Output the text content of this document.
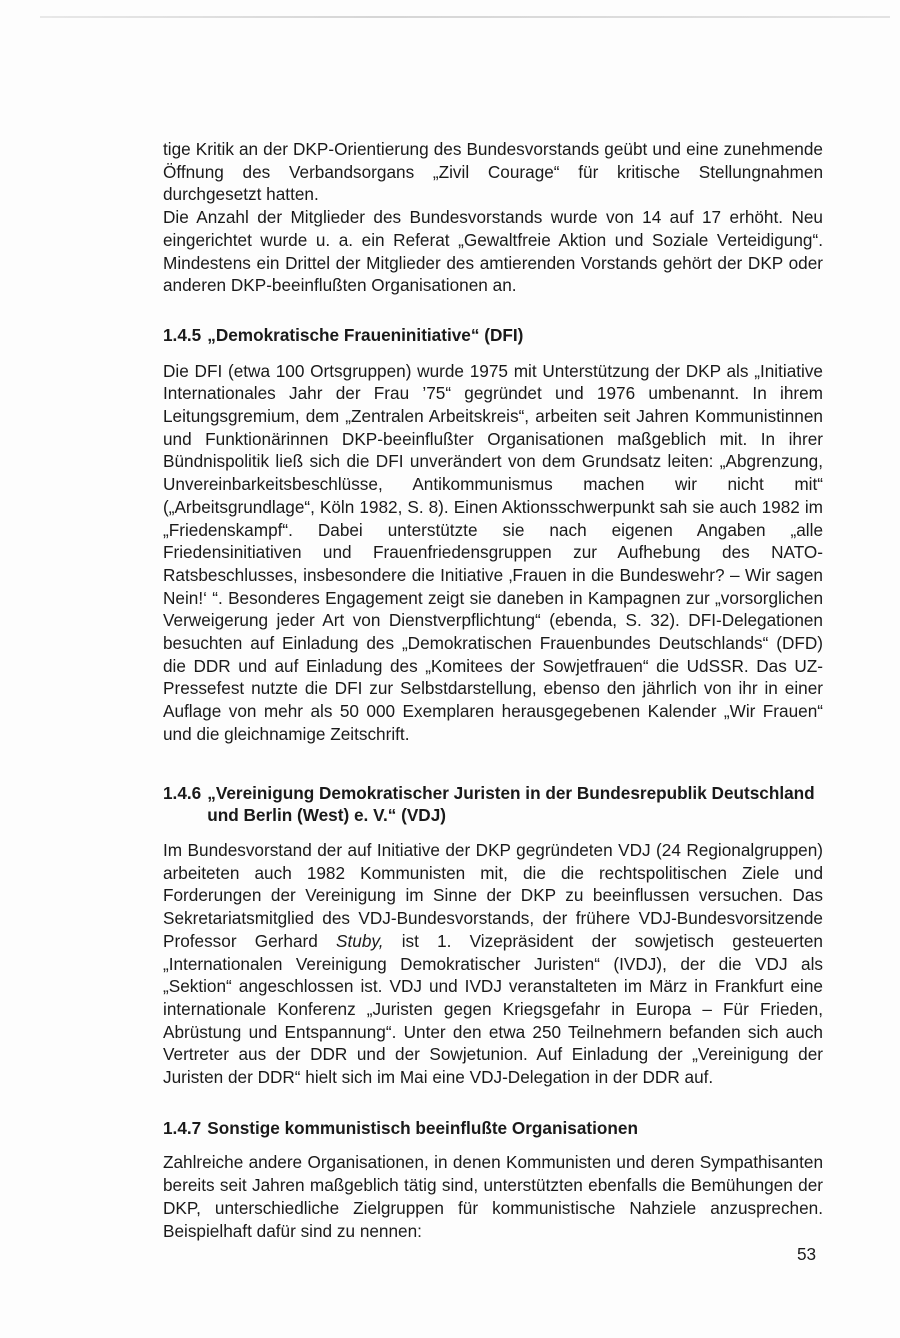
tige Kritik an der DKP-Orientierung des Bundesvorstands geübt und eine zunehmende Öffnung des Verbandsorgans „Zivil Courage“ für kritische Stellungnahmen durchgesetzt hatten.

Die Anzahl der Mitglieder des Bundesvorstands wurde von 14 auf 17 erhöht. Neu eingerichtet wurde u. a. ein Referat „Gewaltfreie Aktion und Soziale Verteidigung“. Mindestens ein Drittel der Mitglieder des amtierenden Vorstands gehört der DKP oder anderen DKP-beeinflußten Organisationen an.

1.4.5 „Demokratische Fraueninitiative“ (DFI)

Die DFI (etwa 100 Ortsgruppen) wurde 1975 mit Unterstützung der DKP als „Initiative Internationales Jahr der Frau ’75“ gegründet und 1976 umbenannt. In ihrem Leitungsgremium, dem „Zentralen Arbeitskreis“, arbeiten seit Jahren Kommunistinnen und Funktionärinnen DKP-beeinflußter Organisationen maßgeblich mit. In ihrer Bündnispolitik ließ sich die DFI unverändert von dem Grundsatz leiten: „Abgrenzung, Unvereinbarkeitsbeschlüsse, Antikommunismus machen wir nicht mit“ („Arbeitsgrundlage“, Köln 1982, S. 8). Einen Aktionsschwerpunkt sah sie auch 1982 im „Friedenskampf“. Dabei unterstützte sie nach eigenen Angaben „alle Friedensinitiativen und Frauenfriedensgruppen zur Aufhebung des NATO-Ratsbeschlusses, insbesondere die Initiative ‚Frauen in die Bundeswehr? – Wir sagen Nein!‘ “. Besonderes Engagement zeigt sie daneben in Kampagnen zur „vorsorglichen Verweigerung jeder Art von Dienstverpflichtung“ (ebenda, S. 32). DFI-Delegationen besuchten auf Einladung des „Demokratischen Frauenbundes Deutschlands“ (DFD) die DDR und auf Einladung des „Komitees der Sowjetfrauen“ die UdSSR. Das UZ-Pressefest nutzte die DFI zur Selbstdarstellung, ebenso den jährlich von ihr in einer Auflage von mehr als 50 000 Exemplaren herausgegebenen Kalender „Wir Frauen“ und die gleichnamige Zeitschrift.

1.4.6 „Vereinigung Demokratischer Juristen in der Bundesrepublik Deutschland und Berlin (West) e. V.“ (VDJ)

Im Bundesvorstand der auf Initiative der DKP gegründeten VDJ (24 Regionalgruppen) arbeiteten auch 1982 Kommunisten mit, die die rechtspolitischen Ziele und Forderungen der Vereinigung im Sinne der DKP zu beeinflussen versuchen. Das Sekretariatsmitglied des VDJ-Bundesvorstands, der frühere VDJ-Bundesvorsitzende Professor Gerhard Stuby, ist 1. Vizepräsident der sowjetisch gesteuerten „Internationalen Vereinigung Demokratischer Juristen“ (IVDJ), der die VDJ als „Sektion“ angeschlossen ist. VDJ und IVDJ veranstalteten im März in Frankfurt eine internationale Konferenz „Juristen gegen Kriegsgefahr in Europa – Für Frieden, Abrüstung und Entspannung“. Unter den etwa 250 Teilnehmern befanden sich auch Vertreter aus der DDR und der Sowjetunion. Auf Einladung der „Vereinigung der Juristen der DDR“ hielt sich im Mai eine VDJ-Delegation in der DDR auf.

1.4.7 Sonstige kommunistisch beeinflußte Organisationen

Zahlreiche andere Organisationen, in denen Kommunisten und deren Sympathisanten bereits seit Jahren maßgeblich tätig sind, unterstützten ebenfalls die Bemühungen der DKP, unterschiedliche Zielgruppen für kommunistische Nahziele anzusprechen. Beispielhaft dafür sind zu nennen:

53
